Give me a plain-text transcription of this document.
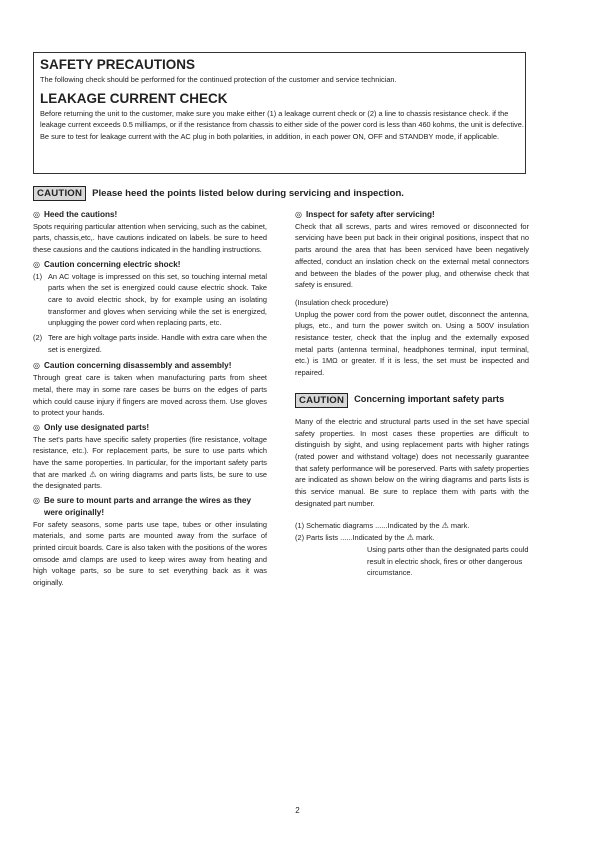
SAFETY PRECAUTIONS

The following check should be performed for the continued protection of the customer and service technician.

LEAKAGE CURRENT CHECK

Before returning the unit to the customer, make sure you make either (1) a leakage current check or (2) a line to chassis resistance check. if the leakage current exceeds 0.5 milliamps, or if the resistance from chassis to either side of the power cord is less than 460 kohms, the unit is defective.

Be sure to test for leakage current with the AC plug in both polarities, in addition, in each power ON, OFF and STANDBY mode, if applicable.

CAUTION	Please heed the points listed below during servicing and inspection.
◎ Heed the cautions!
Spots requiring particular attention when servicing, such as the cabinet, parts, chassis,etc,. have cautions indicated on labels. be sure to heed these causions and the cautions indicated in the handling instructions.
◎ Caution concerning electric shock!
(1) An AC voltage is impressed on this set, so touching internal metal parts when the set is energized could cause electric shock. Take care to avoid electric shock, by for example using an isolating transformer and gloves when servicing while the set is energized, unplugging the power cord when replacing parts, etc.
(2) Tere are high voltage parts inside. Handle with extra care when the set is energized.
◎ Caution concerning disassembly and assembly!
Through great care is taken when manufacturing parts from sheet metal, there may in some rare cases be burrs on the edges of parts which could cause injury if fingers are moved across them. Use gloves to protect your hands.
◎ Only use designated parts!
The set's parts have specific safety properties (fire resistance, voltage resistance, etc.). For replacement parts, be sure to use parts which have the same poroperties. In particular, for the important safety parts that are marked ⚠ on wiring diagrams and parts lists, be sure to use the designated parts.
◎ Be sure to mount parts and arrange the wires as they were originally!
For safety seasons, some parts use tape, tubes or other insulating materials, and some parts are mounted away from the surface of printed circuit boards. Care is also taken with the positions of the wores omsode amd clamps are used to keep wires away from heating and high voltage parts, so be sure to set everything back as it was originally.
◎ Inspect for safety after servicing!
Check that all screws, parts and wires removed or disconnected for servicing have been put back in their original positions, inspect that no parts around the area that has been serviced have been negatively affected, conduct an inslation check on the external metal connectors and between the blades of the power plug, and otherwise check that safety is ensured.
(Insulation check procedure)
Unplug the power cord from the power outlet, disconnect the antenna, plugs, etc., and turn the power switch on. Using a 500V insulation resistance tester, check that the inplug and the externally exposed metal parts (antenna terminal, headphones terminal, input terminal, etc.) is 1MΩ or greater. If it is less, the set must be inspected and repaired.
CAUTION	Concerning important safety parts
Many of the electric and structural parts used in the set have special safety properties. In most cases these properties are difficult to distinguish by sight, and using replacement parts with higher ratings (rated power and withstand voltage) does not necessarily guarantee that safety performance will be poreserved. Parts with safety properties are indicated as shown below on the wiring diagrams and parts lists is this service manual. Be sure to replace them with parts with the designated part number.
(1) Schematic diagrams ......Indicated by the ⚠ mark.
(2) Parts lists ......Indicated by the ⚠ mark.
Using parts other than the designated parts could result in electric shock, fires or other dangerous circumstance.
2
